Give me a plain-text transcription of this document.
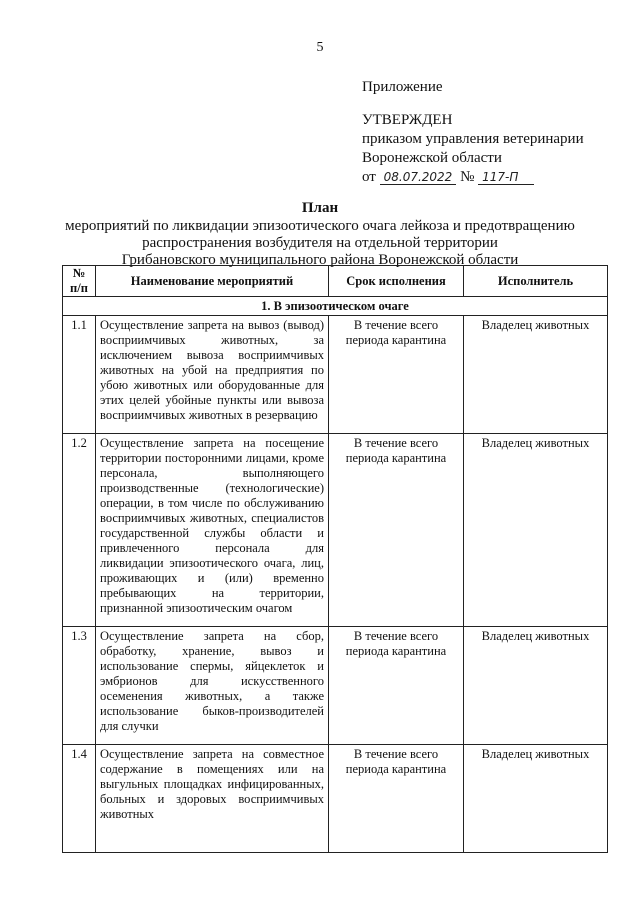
5
Приложение
УТВЕРЖДЕН
приказом управления ветеринарии
Воронежской области
от 08.07.2022 № 117-П
План
мероприятий по ликвидации эпизоотического очага лейкоза и предотвращению
распространения возбудителя на отдельной территории
Грибановского муниципального района Воронежской области
№ п/п	Наименование мероприятий	Срок исполнения	Исполнитель
1. В эпизоотическом очаге			
1.1	Осуществление запрета на вывоз (вывод) восприимчивых животных, за исключением вывоза восприимчивых животных на убой на предприятия по убою животных или оборудованные для этих целей убойные пункты или вывоза восприимчивых животных в резервацию	В течение всего периода карантина	Владелец животных
1.2	Осуществление запрета на посещение территории посторонними лицами, кроме персонала, выполняющего производственные (технологические) операции, в том числе по обслуживанию восприимчивых животных, специалистов государственной службы области и привлеченного персонала для ликвидации эпизоотического очага, лиц, проживающих и (или) временно пребывающих на территории, признанной эпизоотическим очагом	В течение всего периода карантина	Владелец животных
1.3	Осуществление запрета на сбор, обработку, хранение, вывоз и использование спермы, яйцеклеток и эмбрионов для искусственного осеменения животных, а также использование быков-производителей для случки	В течение всего периода карантина	Владелец животных
1.4	Осуществление запрета на совместное содержание в помещениях или на выгульных площадках инфицированных, больных и здоровых восприимчивых животных	В течение всего периода карантина	Владелец животных
